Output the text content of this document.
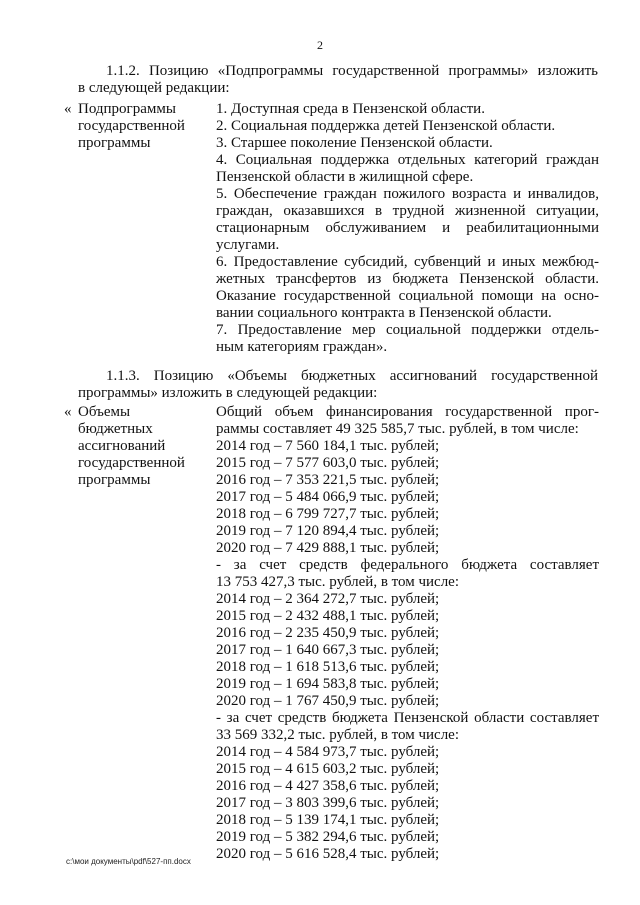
2
1.1.2. Позицию «Подпрограммы государственной программы» изложить
в следующей редакции:
« Подпрограммы
государственной
программы
1. Доступная среда в Пензенской области.
2. Социальная поддержка детей Пензенской области.
3. Старшее поколение Пензенской области.
4. Социальная поддержка отдельных категорий граждан
Пензенской области в жилищной сфере.
5. Обеспечение граждан пожилого возраста и инвалидов,
граждан, оказавшихся в трудной жизненной ситуации,
стационарным обслуживанием и реабилитационными
услугами.
6. Предоставление субсидий, субвенций и иных межбюд-
жетных трансфертов из бюджета Пензенской области.
Оказание государственной социальной помощи на осно-
вании социального контракта в Пензенской области.
7. Предоставление мер социальной поддержки отдель-
ным категориям граждан».
1.1.3. Позицию «Объемы бюджетных ассигнований государственной
программы» изложить в следующей редакции:
« Объемы
бюджетных
ассигнований
государственной
программы
Общий объем финансирования государственной прог-
раммы составляет 49 325 585,7 тыс. рублей, в том числе:
2014 год – 7 560 184,1 тыс. рублей;
2015 год – 7 577 603,0 тыс. рублей;
2016 год – 7 353 221,5 тыс. рублей;
2017 год – 5 484 066,9 тыс. рублей;
2018 год – 6 799 727,7 тыс. рублей;
2019 год – 7 120 894,4 тыс. рублей;
2020 год – 7 429 888,1 тыс. рублей;
- за счет средств федерального бюджета составляет
13 753 427,3 тыс. рублей, в том числе:
2014 год – 2 364 272,7 тыс. рублей;
2015 год – 2 432 488,1 тыс. рублей;
2016 год – 2 235 450,9 тыс. рублей;
2017 год – 1 640 667,3 тыс. рублей;
2018 год – 1 618 513,6 тыс. рублей;
2019 год – 1 694 583,8 тыс. рублей;
2020 год – 1 767 450,9 тыс. рублей;
- за счет средств бюджета Пензенской области составляет
33 569 332,2 тыс. рублей, в том числе:
2014 год – 4 584 973,7 тыс. рублей;
2015 год – 4 615 603,2 тыс. рублей;
2016 год – 4 427 358,6 тыс. рублей;
2017 год – 3 803 399,6 тыс. рублей;
2018 год – 5 139 174,1 тыс. рублей;
2019 год – 5 382 294,6 тыс. рублей;
2020 год – 5 616 528,4 тыс. рублей;
c:\мои документы\pdf\527-пп.docx
